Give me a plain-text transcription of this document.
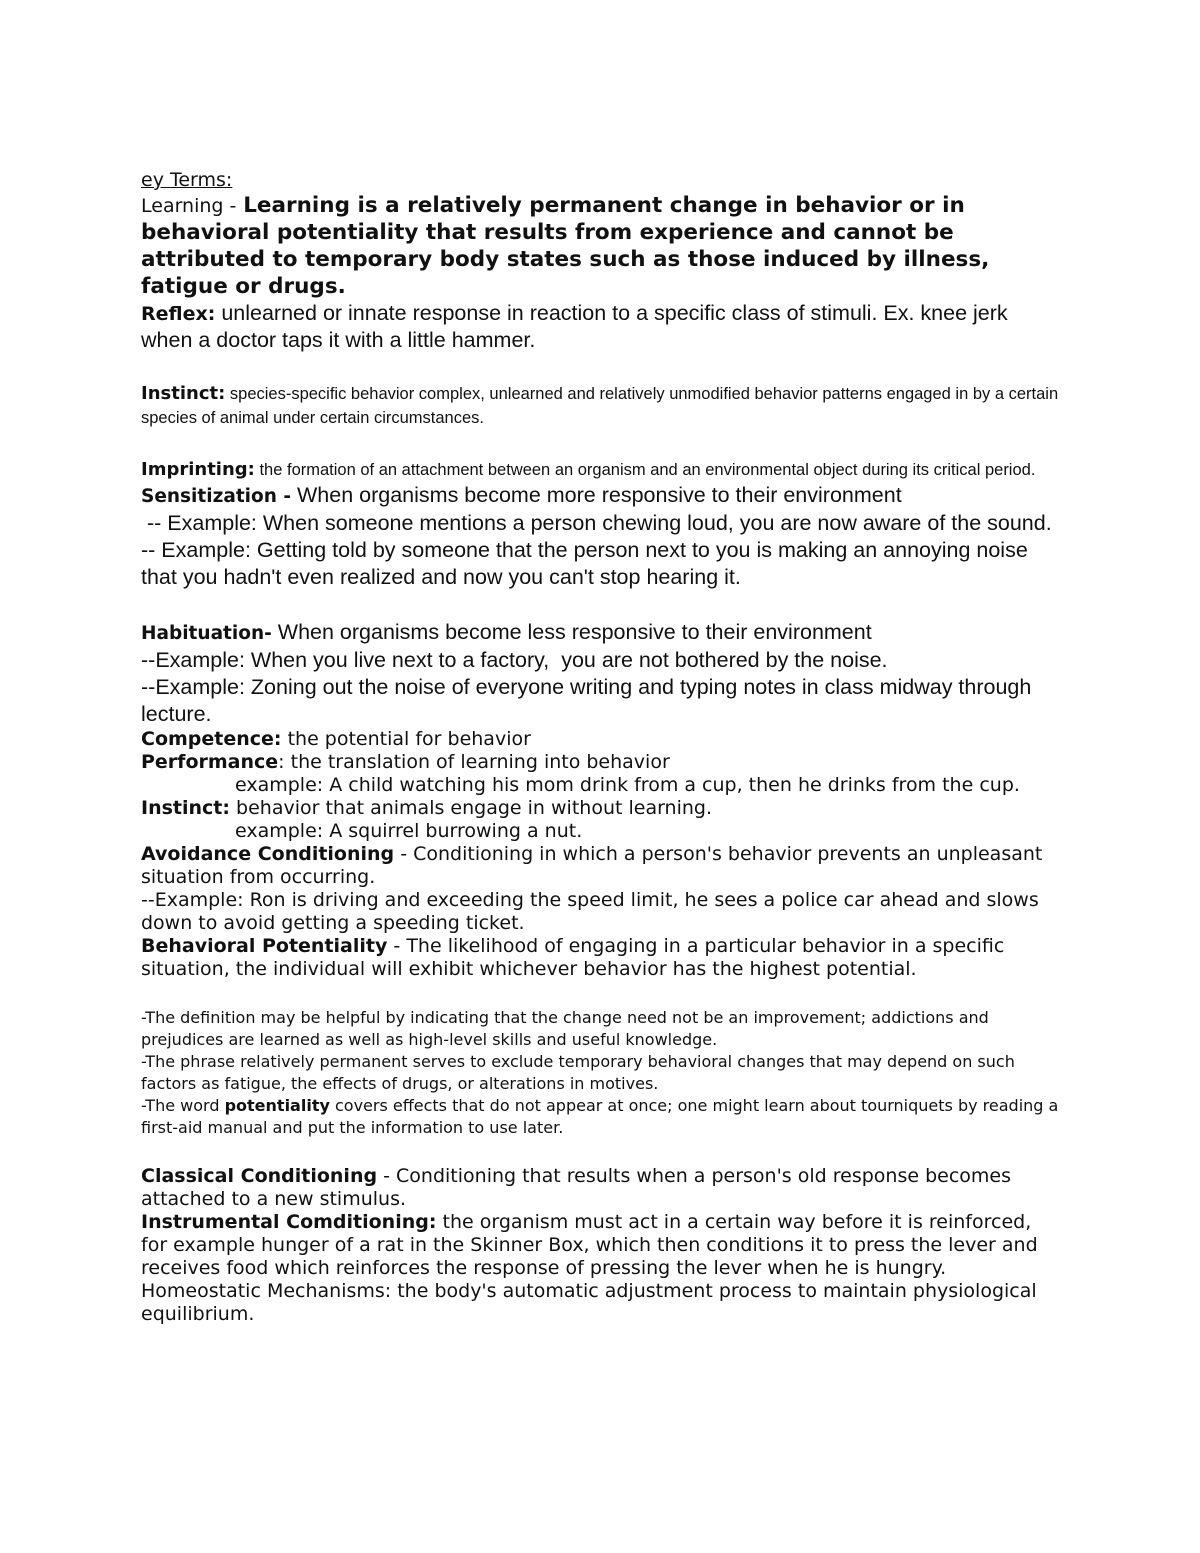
ey Terms:

Learning - Learning is a relatively permanent change in behavior or in behavioral potentiality that results from experience and cannot be attributed to temporary body states such as those induced by illness, fatigue or drugs.

Reflex: unlearned or innate response in reaction to a specific class of stimuli. Ex. knee jerk when a doctor taps it with a little hammer.

Instinct: species-specific behavior complex, unlearned and relatively unmodified behavior patterns engaged in by a certain species of animal under certain circumstances.

Imprinting: the formation of an attachment between an organism and an environmental object during its critical period.

Sensitization - When organisms become more responsive to their environment

-- Example: When someone mentions a person chewing loud, you are now aware of the sound.

-- Example: Getting told by someone that the person next to you is making an annoying noise that you hadn't even realized and now you can't stop hearing it.

Habituation- When organisms become less responsive to their environment

--Example: When you live next to a factory,  you are not bothered by the noise.

--Example: Zoning out the noise of everyone writing and typing notes in class midway through lecture.

Competence: the potential for behavior

Performance: the translation of learning into behavior

example: A child watching his mom drink from a cup, then he drinks from the cup.

Instinct: behavior that animals engage in without learning.

example: A squirrel burrowing a nut.

Avoidance Conditioning - Conditioning in which a person's behavior prevents an unpleasant situation from occurring.

--Example: Ron is driving and exceeding the speed limit, he sees a police car ahead and slows down to avoid getting a speeding ticket.

Behavioral Potentiality - The likelihood of engaging in a particular behavior in a specific situation, the individual will exhibit whichever behavior has the highest potential.

-The definition may be helpful by indicating that the change need not be an improvement; addictions and prejudices are learned as well as high-level skills and useful knowledge.

-The phrase relatively permanent serves to exclude temporary behavioral changes that may depend on such factors as fatigue, the effects of drugs, or alterations in motives.

-The word potentiality covers effects that do not appear at once; one might learn about tourniquets by reading a first-aid manual and put the information to use later.

Classical Conditioning - Conditioning that results when a person's old response becomes attached to a new stimulus.

Instrumental Comditioning: the organism must act in a certain way before it is reinforced, for example hunger of a rat in the Skinner Box, which then conditions it to press the lever and receives food which reinforces the response of pressing the lever when he is hungry.

Homeostatic Mechanisms: the body's automatic adjustment process to maintain physiological equilibrium.
